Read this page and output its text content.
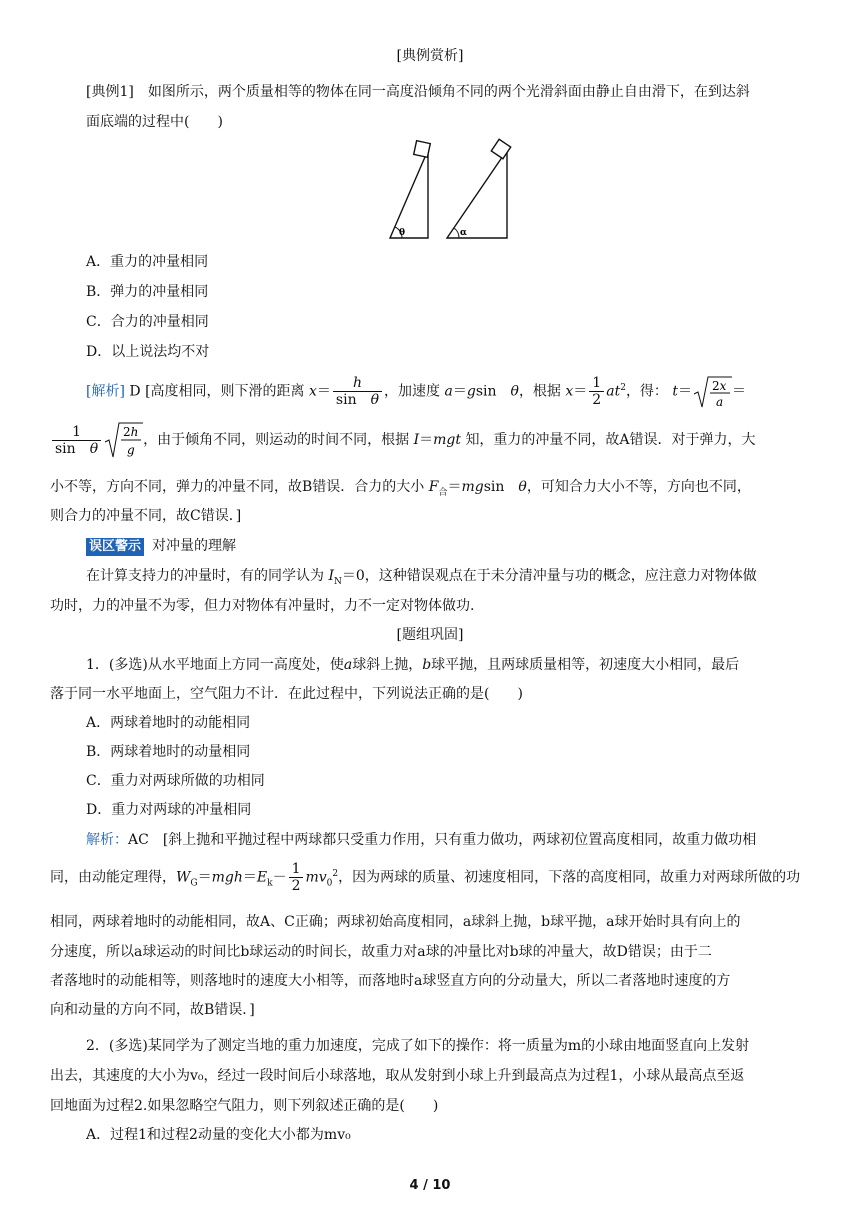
[典例赏析]
[典例1]　 如图所示，两个质量相等的物体在同一高度沿倾角不同的两个光滑斜面由静止自由滑下，在到达斜
面底端的过程中(　　)
θ	α
A．重力的冲量相同
B．弹力的冲量相同
C．合力的冲量相同
D．以上说法均不对
[解析] D [高度相同，则下滑的距离 $x= \frac{h}{\text{sin　θ}}$ ，加速度 a＝gsin　θ，根据 $x= \frac{1}{2} at^2$，得： t＝ 2x
a
＝
$\frac{1}{\text{sin　θ}} 2h$
g
，由于倾角不同，则运动的时间不同，根据 I＝mgt 知，重力的冲量不同，故A错误．对于弹力，大
小不等，方向不同，弹力的冲量不同，故B错误．合力的大小 $F_合=mgsin$　θ，可知合力大小不等，方向也不同，
则合力的冲量不同，故C错误．]
误区警示 对冲量的理解
在计算支持力的冲量时，有的同学认为 $I_N=0$，这种错误观点在于未分清冲量与功的概念，应注意力对物体做
功时，力的冲量不为零，但力对物体有冲量时，力不一定对物体做功.
[题组巩固]
1．(多选)从水平地面上方同一高度处，使a球斜上抛，b球平抛，且两球质量相等，初速度大小相同，最后
落于同一水平地面上，空气阻力不计．在此过程中，下列说法正确的是(　　)
A．两球着地时的动能相同
B．两球着地时的动量相同
C．重力对两球所做的功相同
D．重力对两球的冲量相同
解析：AC　 [斜上抛和平抛过程中两球都只受重力作用，只有重力做功，两球初位置高度相同，故重力做功相
同，由动能定理得，$W_G=mgh=E_k- \frac{1}{2} mv_0^2$，因为两球的质量、初速度相同，下落的高度相同，故重力对两球所做的功
相同，两球着地时的动能相同，故A、C正确；两球初始高度相同，a球斜上抛，b球平抛，a球开始时具有向上的
分速度，所以a球运动的时间比b球运动的时间长，故重力对a球的冲量比对b球的冲量大，故D错误；由于二
者落地时的动能相等，则落地时的速度大小相等，而落地时a球竖直方向的分动量大，所以二者落地时速度的方
向和动量的方向不同，故B错误．]
2．(多选)某同学为了测定当地的重力加速度，完成了如下的操作：将一质量为m的小球由地面竖直向上发射
出去，其速度的大小为v₀，经过一段时间后小球落地，取从发射到小球上升到最高点为过程1，小球从最高点至返
回地面为过程2.如果忽略空气阻力，则下列叙述正确的是(　　)
A．过程1和过程2动量的变化大小都为mv₀
4 / 10
